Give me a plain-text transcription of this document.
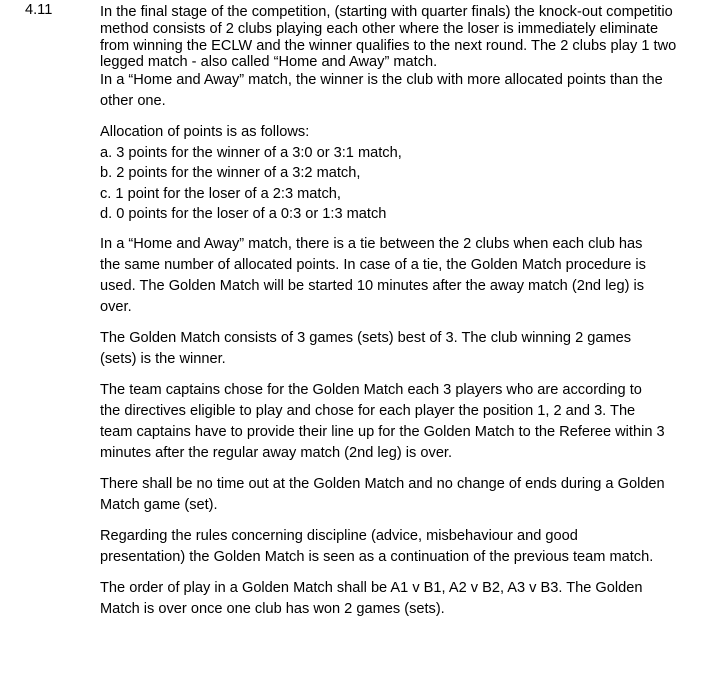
4.11	In the final stage of the competition, (starting with quarter finals) the knock-out competitio
method consists of 2 clubs playing each other where the loser is immediately eliminate
from winning the ECLW and the winner qualifies to the next round. The 2 clubs play 1 two
legged match - also called “Home and Away” match.

In a “Home and Away” match, the winner is the club with more allocated points than the
other one.

Allocation of points is as follows:
a. 3 points for the winner of a 3:0 or 3:1 match,
b. 2 points for the winner of a 3:2 match,
c. 1 point for the loser of a 2:3 match,
d. 0 points for the loser of a 0:3 or 1:3 match

In a “Home and Away” match, there is a tie between the 2 clubs when each club has
the same number of allocated points. In case of a tie, the Golden Match procedure is
used. The Golden Match will be started 10 minutes after the away match (2nd leg) is
over.

The Golden Match consists of 3 games (sets) best of 3. The club winning 2 games
(sets) is the winner.

The team captains chose for the Golden Match each 3 players who are according to
the directives eligible to play and chose for each player the position 1, 2 and 3. The
team captains have to provide their line up for the Golden Match to the Referee within 3
minutes after the regular away match (2nd leg) is over.

There shall be no time out at the Golden Match and no change of ends during a Golden
Match game (set).

Regarding the rules concerning discipline (advice, misbehaviour and good
presentation) the Golden Match is seen as a continuation of the previous team match.

The order of play in a Golden Match shall be A1 v B1, A2 v B2, A3 v B3. The Golden
Match is over once one club has won 2 games (sets).
